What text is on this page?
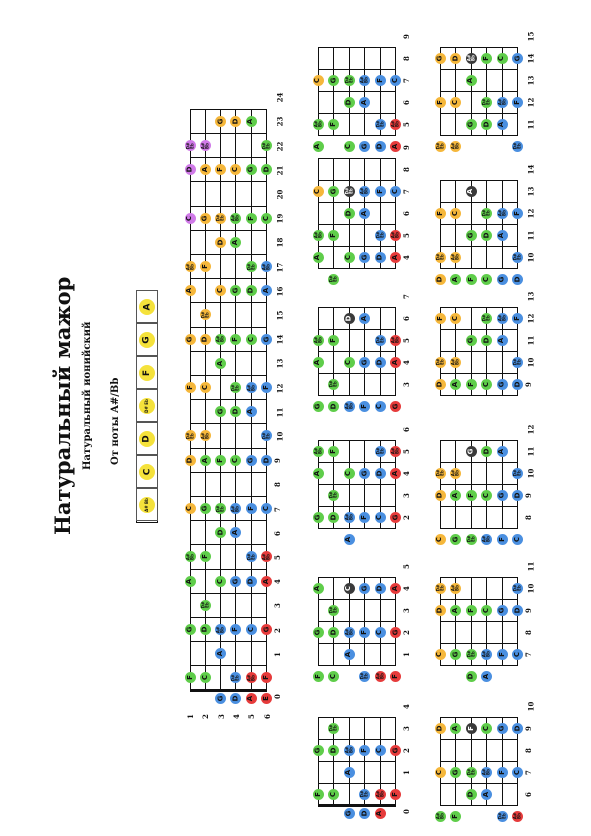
Натуральный мажор Натуральный ионийский От ноты A#/Bb
A# Bb
C
D
D# Eb
F
G
A
0
1
2
3
4
5
6
7
8
9
10
11
12
13
14
15
16
17
18
19
20
21
22
23
24
1 2 3 4 5 6
G D A E
F C	D# Eb A# Bb F
A
G D A# Bb F C G
D# Eb
A	C G D A
A# Bb F	D# Eb A# Bb
D A
C G D# Eb A# Bb F C
D A F C G D
D# Eb A# Bb	D# Eb
G D A
F C	D# Eb A# Bb F
A
G D A# Bb F C G
D# Eb
A	C G D A
A# Bb F	D# Eb A# Bb
D A
C G D# Eb A# Bb F C
D A F C G D
D# Eb A# Bb	D# Eb
G D A
0
1
2
3
4
G D A
F C	D# Eb A# Bb F
A
G D A# Bb F C G
D# Eb
1
2
3
4
5
F C	D# Eb A# Bb F
A
G D A# Bb F C G
D# Eb
A	C G D A
2
3
4
5
6
A
G D A# Bb F C G
D# Eb
A	C G D A
A# Bb F	D# Eb A# Bb
3
4
5
6
7
G D A# Bb F C G
D# Eb
A	C G D A
A# Bb F	D# Eb A# Bb
D A
4
5
6
7
8
9
D# Eb
A	C G D A
A# Bb F	D# Eb A# Bb
D A
C G D# Eb A# Bb F C
5
6
7
8
9
A	C G D A
A# Bb F	D# Eb A# Bb
D A
C G D# Eb A# Bb F C
6
7
8
9
10
A# Bb F	D# Eb A# Bb
D A
C G D# Eb A# Bb F C
D A F C G D
7
8
9
10
11
D A
C G D# Eb A# Bb F C
D A F C G D
D# Eb A# Bb	D# Eb
8
9
10
11
12
C G D# Eb A# Bb F C
D A F C G D
D# Eb A# Bb	D# Eb
G D A
9
10
11
12
13
D A F C G D
D# Eb A# Bb	D# Eb
G D A
F C	D# Eb A# Bb F
10
11
12
13
14
D A F C G D
D# Eb A# Bb	D# Eb
G D A
F C	D# Eb A# Bb F
A
11
12
13
14
15
D# Eb A# Bb	D# Eb
G D A
F C	D# Eb A# Bb F
A
G D A# Bb F C G
